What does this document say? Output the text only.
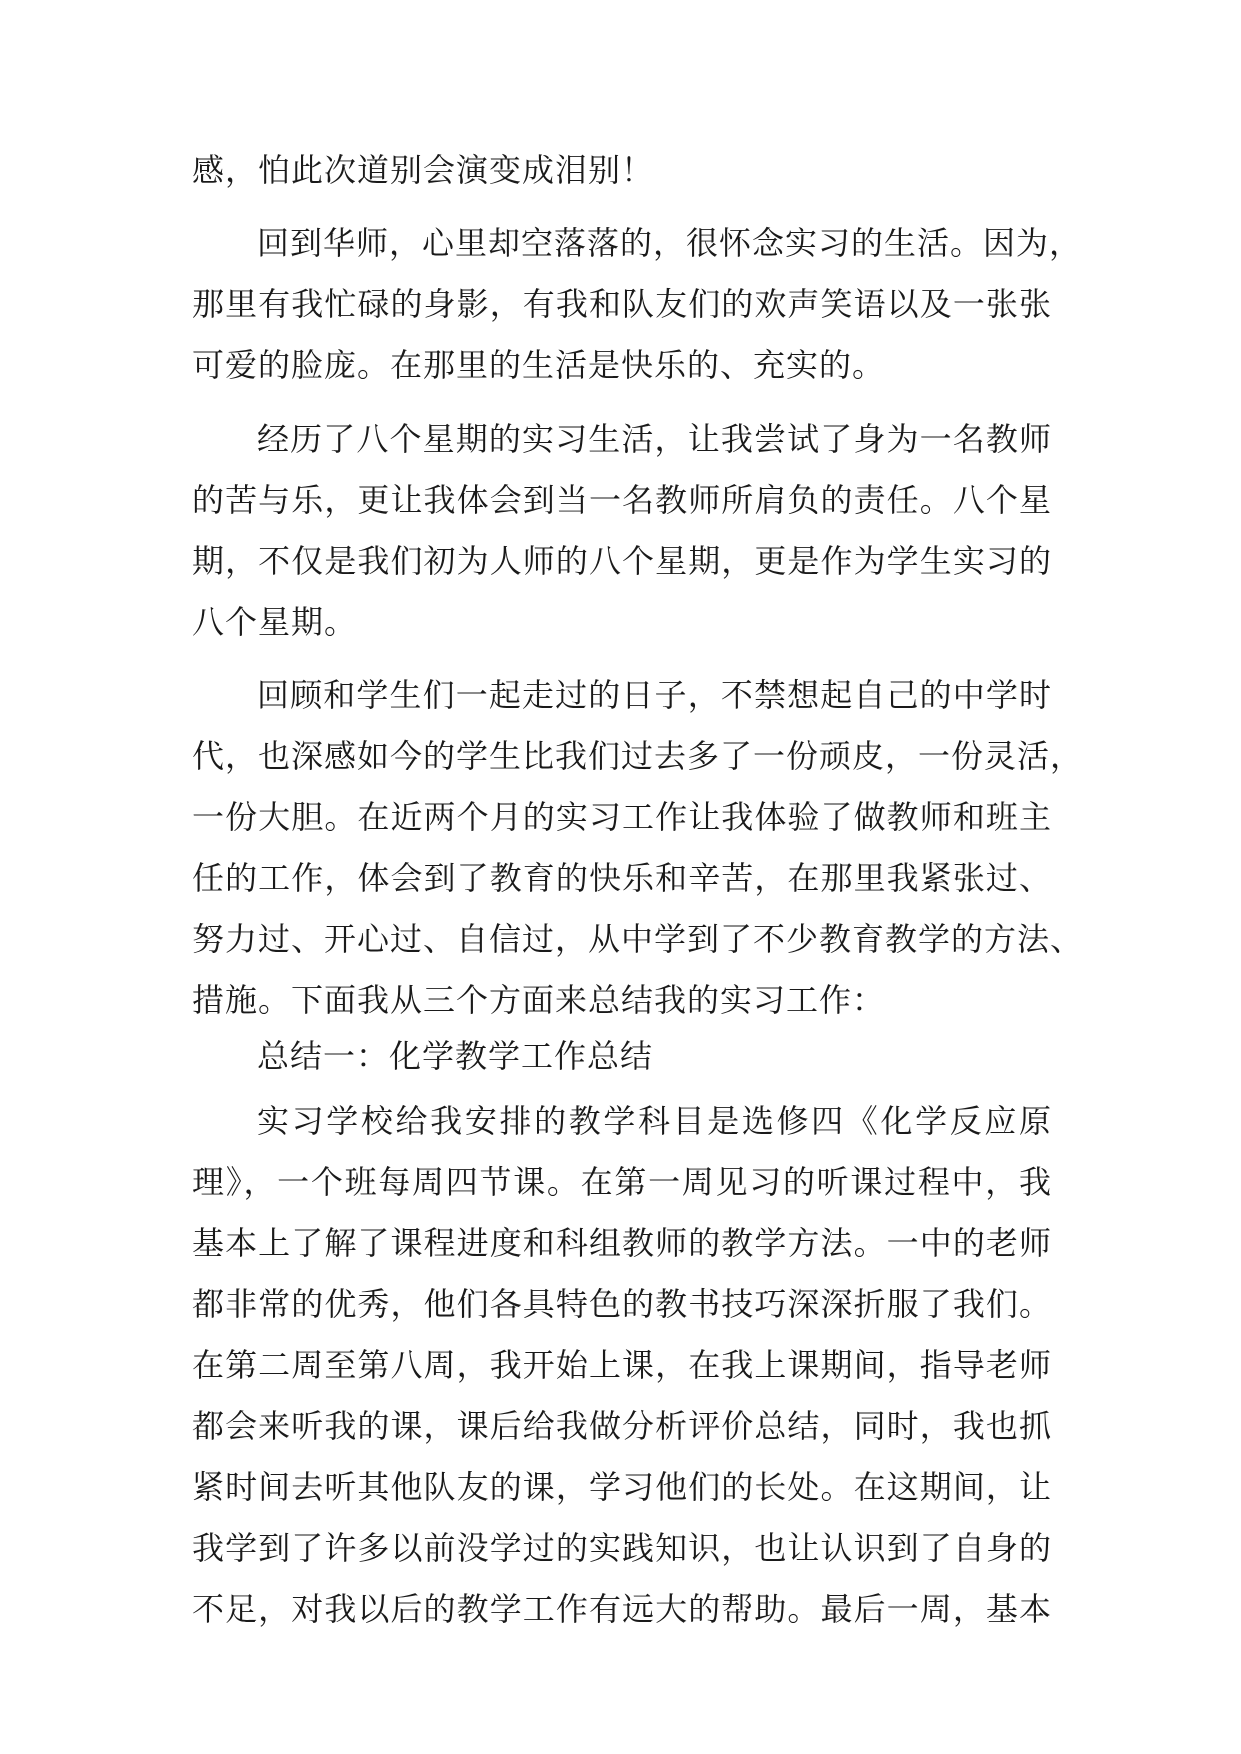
感，怕此次道别会演变成泪别！
回到华师，心里却空落落的，很怀念实习的生活。因为，
那里有我忙碌的身影，有我和队友们的欢声笑语以及一张张
可爱的脸庞。在那里的生活是快乐的、充实的。
经历了八个星期的实习生活，让我尝试了身为一名教师
的苦与乐，更让我体会到当一名教师所肩负的责任。八个星
期，不仅是我们初为人师的八个星期，更是作为学生实习的
八个星期。
回顾和学生们一起走过的日子，不禁想起自己的中学时
代，也深感如今的学生比我们过去多了一份顽皮，一份灵活，
一份大胆。在近两个月的实习工作让我体验了做教师和班主
任的工作，体会到了教育的快乐和辛苦，在那里我紧张过、
努力过、开心过、自信过，从中学到了不少教育教学的方法、
措施。下面我从三个方面来总结我的实习工作：
总结一：化学教学工作总结
实习学校给我安排的教学科目是选修四《化学反应原
理》，一个班每周四节课。在第一周见习的听课过程中，我
基本上了解了课程进度和科组教师的教学方法。一中的老师
都非常的优秀，他们各具特色的教书技巧深深折服了我们。
在第二周至第八周，我开始上课，在我上课期间，指导老师
都会来听我的课，课后给我做分析评价总结，同时，我也抓
紧时间去听其他队友的课，学习他们的长处。在这期间，让
我学到了许多以前没学过的实践知识，也让认识到了自身的
不足，对我以后的教学工作有远大的帮助。最后一周，基本
